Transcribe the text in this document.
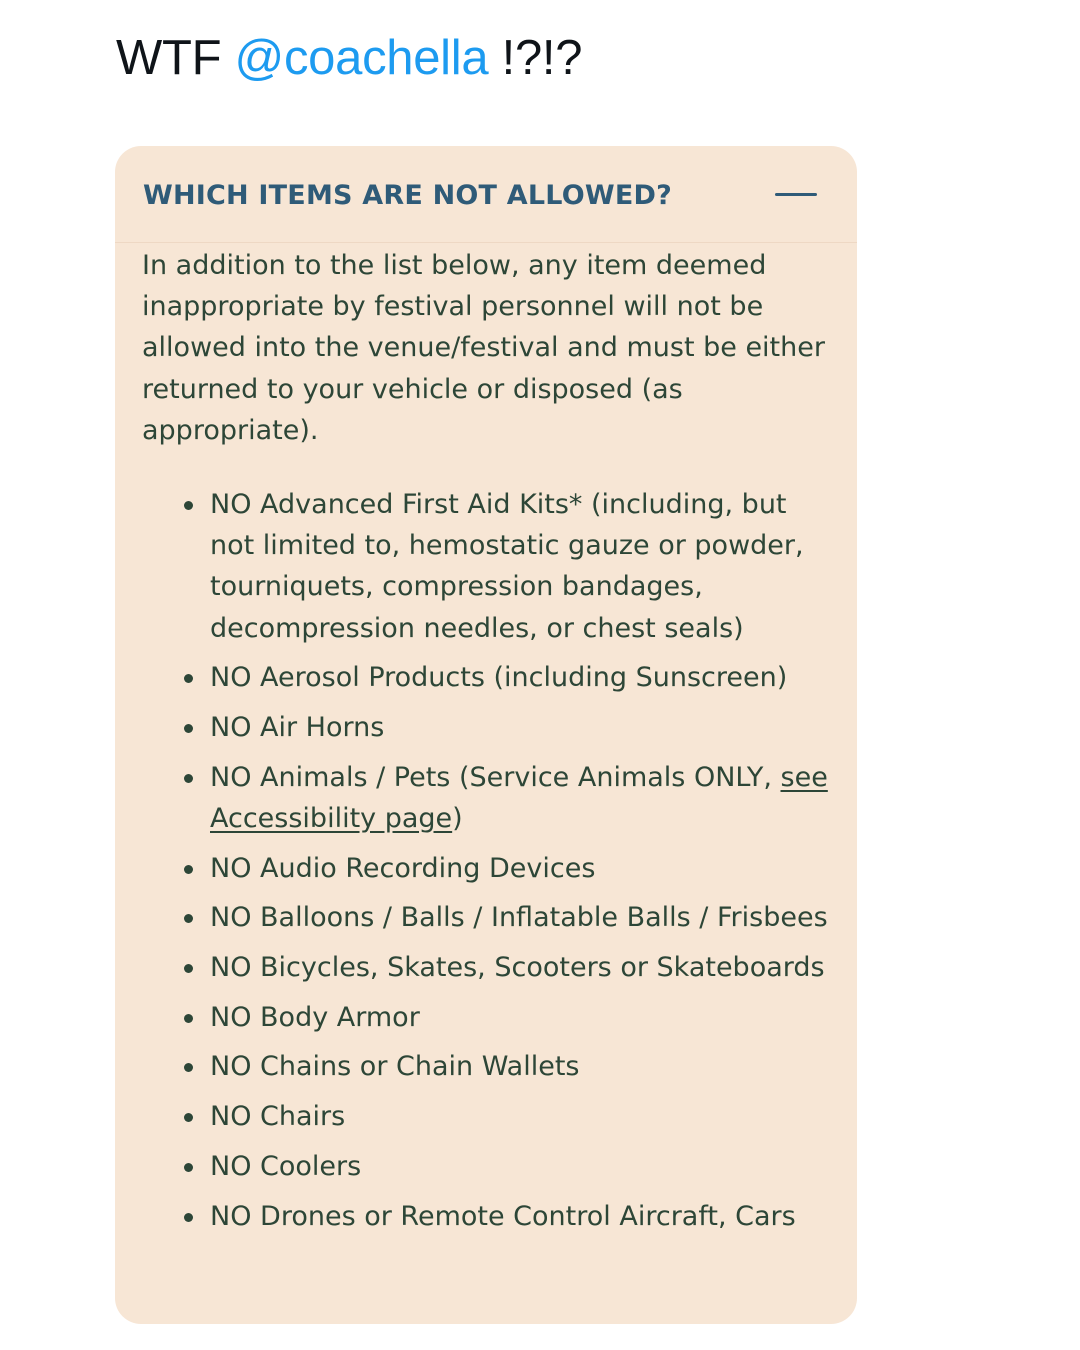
WTF @coachella !?!?
WHICH ITEMS ARE NOT ALLOWED?

In addition to the list below, any item deemed inappropriate by festival personnel will not be allowed into the venue/festival and must be either returned to your vehicle or disposed (as appropriate).

NO Advanced First Aid Kits* (including, but not limited to, hemostatic gauze or powder, tourniquets, compression bandages, decompression needles, or chest seals)
NO Aerosol Products (including Sunscreen)
NO Air Horns
NO Animals / Pets (Service Animals ONLY, see Accessibility page)
NO Audio Recording Devices
NO Balloons / Balls / Inflatable Balls / Frisbees
NO Bicycles, Skates, Scooters or Skateboards
NO Body Armor
NO Chains or Chain Wallets
NO Chairs
NO Coolers
NO Drones or Remote Control Aircraft, Cars
